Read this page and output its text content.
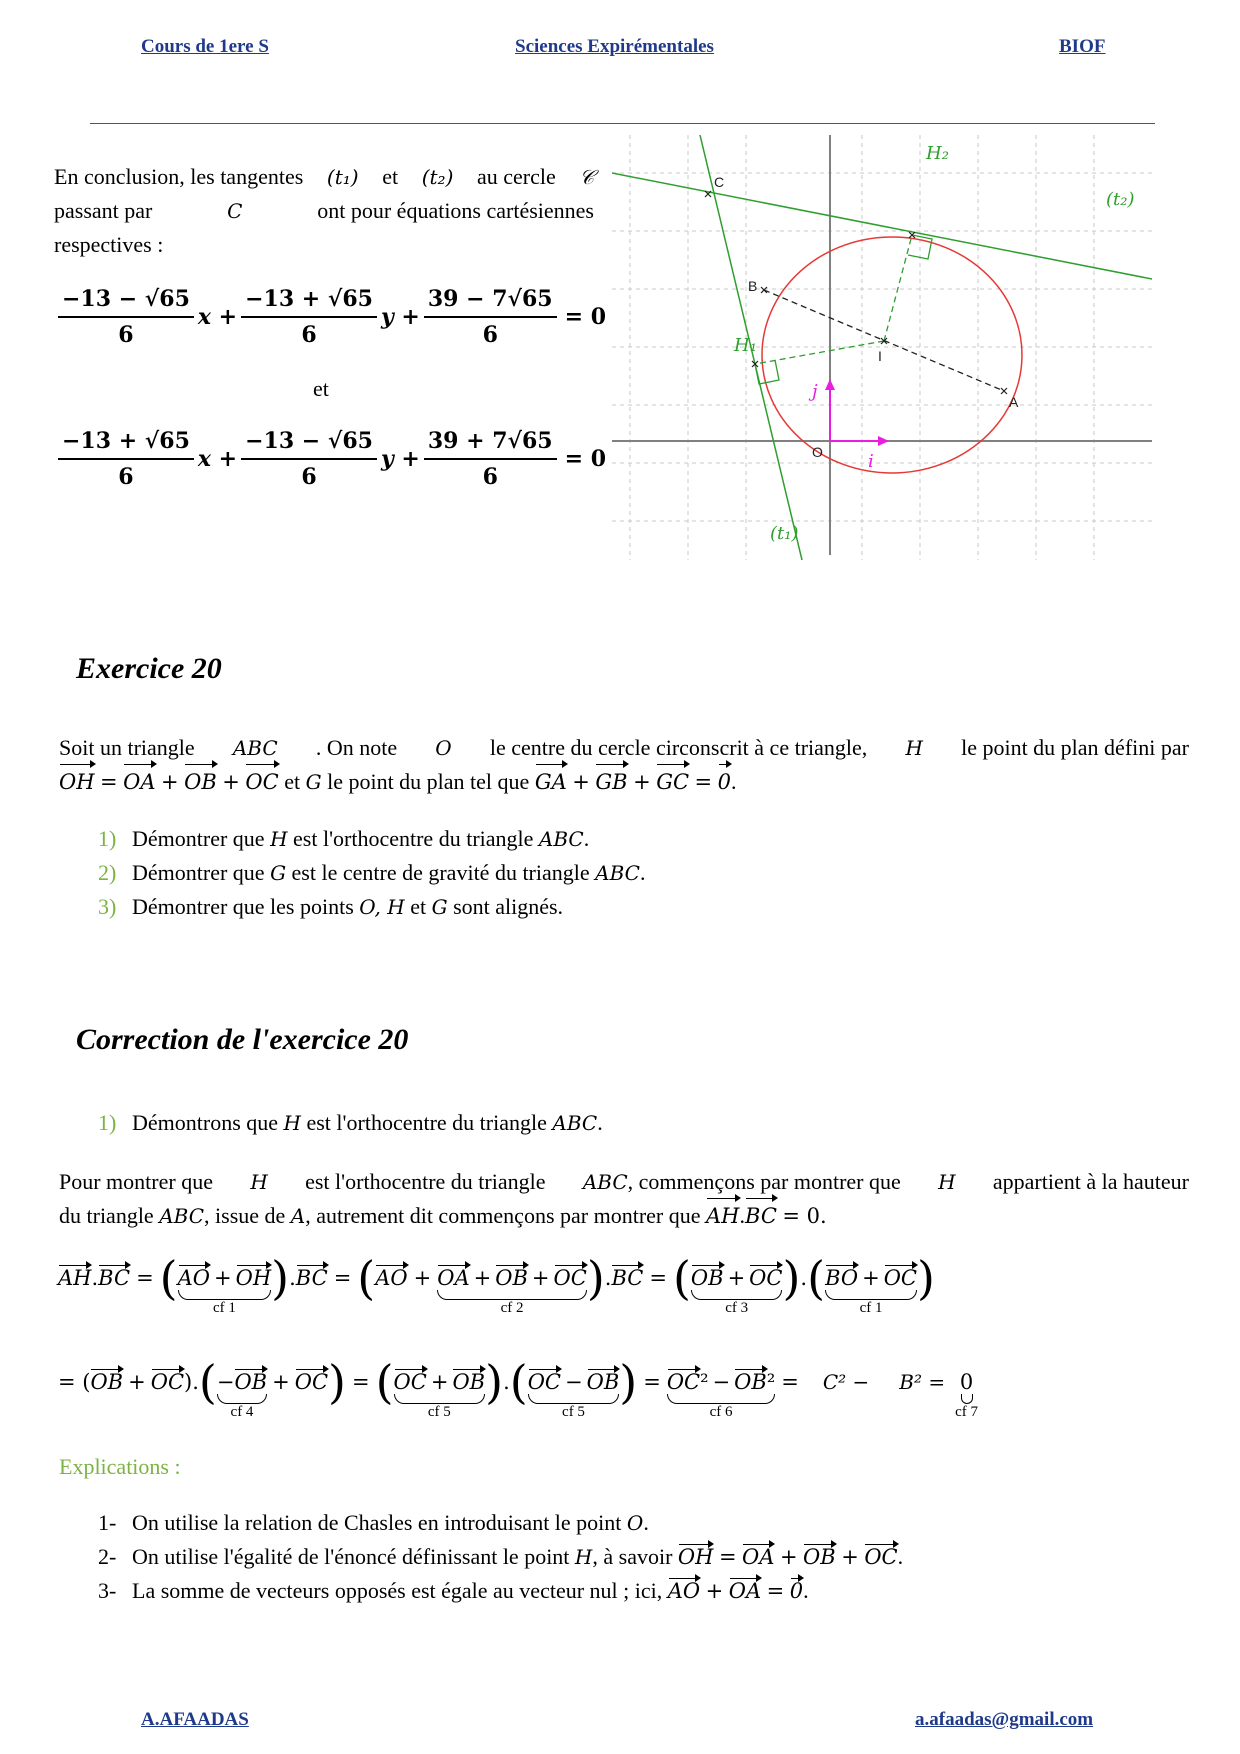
Cours de 1ere S	Sciences Expirémentales	BIOF
En conclusion, les tangentes (t₁) et (t₂) au cercle 𝒞
passant par	C	ont pour équations cartésiennes
respectives :
$\frac{-13 - √65}{6}$ $x + \frac{-13 + √65}{6}$ $y + \frac{39 - 7√65}{6} = 0$
et
$\frac{-13 + √65}{6}$ $x + \frac{-13 - √65}{6}$ $y + \frac{39 + 7√65}{6} = 0$
C
B
I
A
O
H₂
(t₂)
H₁
(t₁)
j
i
Exercice 20
Soit un triangle ABC . On note O le centre du cercle circonscrit à ce triangle, H le point du plan défini par
OH = OA + OB + OC et G le point du plan tel que GA + GB + GC = 0.
1) Démontrer que H est l'orthocentre du triangle ABC.
2) Démontrer que G est le centre de gravité du triangle ABC.
3) Démontrer que les points O, H et G sont alignés.
Correction de l'exercice 20
1) Démontrons que H est l'orthocentre du triangle ABC.
Pour montrer que H est l'orthocentre du triangle ABC, commençons par montrer que H appartient à la hauteur
du triangle ABC, issue de A, autrement dit commençons par montrer que AH.BC = 0.
AH . BC = ( AO + OH
cf 1
) . BC = ( AO + OA + OB + OC
cf 2
) . BC = ( OB + OC
cf 3
) . ( BO + OC
cf 1
)
= ( OB + OC ). ( −OB
cf 4
+ OC ) = ( OC + OB
cf 5
) . ( OC − OB
cf 5
) = OC² − OB²
cf 6
= C² − B² = 0
cf 7
Explications :
1- On utilise la relation de Chasles en introduisant le point O.
2- On utilise l'égalité de l'énoncé définissant le point H, à savoir OH = OA + OB + OC.
3- La somme de vecteurs opposés est égale au vecteur nul ; ici, AO + OA = 0.
A.AFAADAS	a.afaadas@gmail.com
